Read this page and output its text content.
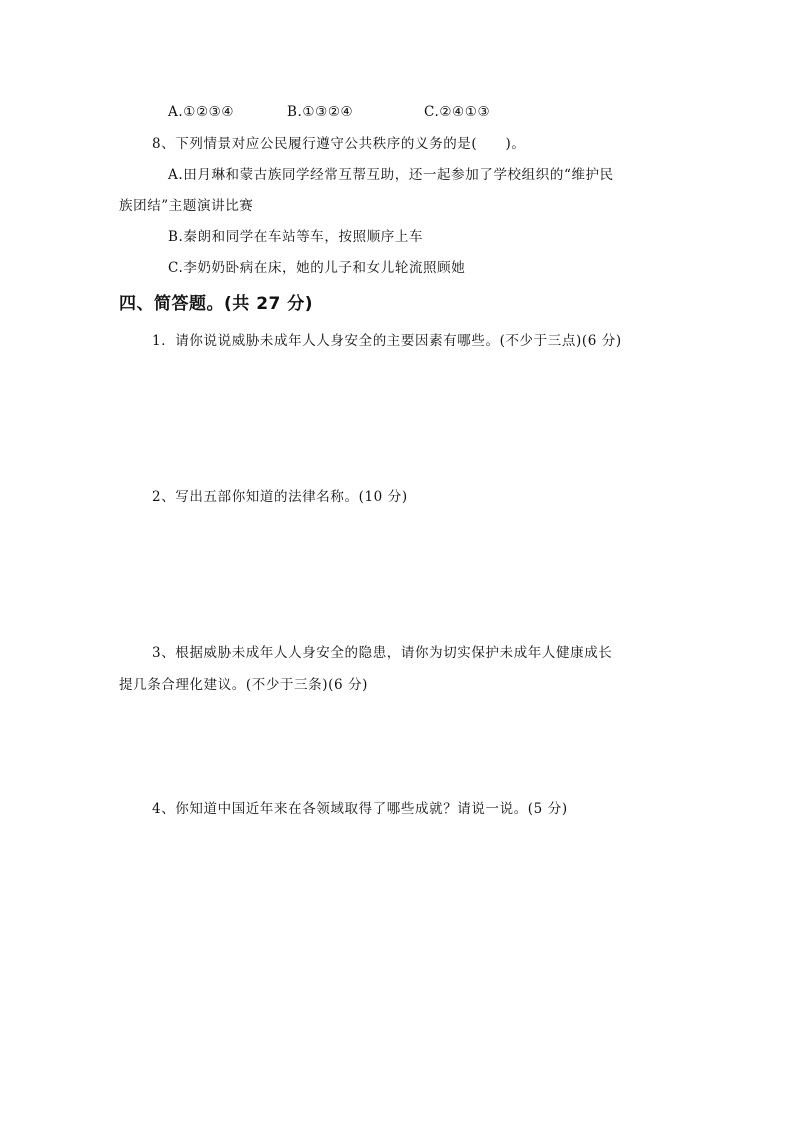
A.①②③④	B.①③②④	C.②④①③
8、下列情景对应公民履行遵守公共秩序的义务的是(　　)。
A.田月琳和蒙古族同学经常互帮互助，还一起参加了学校组织的“维护民
族团结”主题演讲比赛
B.秦朗和同学在车站等车，按照顺序上车
C.李奶奶卧病在床，她的儿子和女儿轮流照顾她
四、简答题。(共 27 分)
1．请你说说威胁未成年人人身安全的主要因素有哪些。(不少于三点)(6 分)
2、写出五部你知道的法律名称。(10 分)
3、根据威胁未成年人人身安全的隐患，请你为切实保护未成年人健康成长
提几条合理化建议。(不少于三条)(6 分)
4、你知道中国近年来在各领域取得了哪些成就？请说一说。(5 分)
